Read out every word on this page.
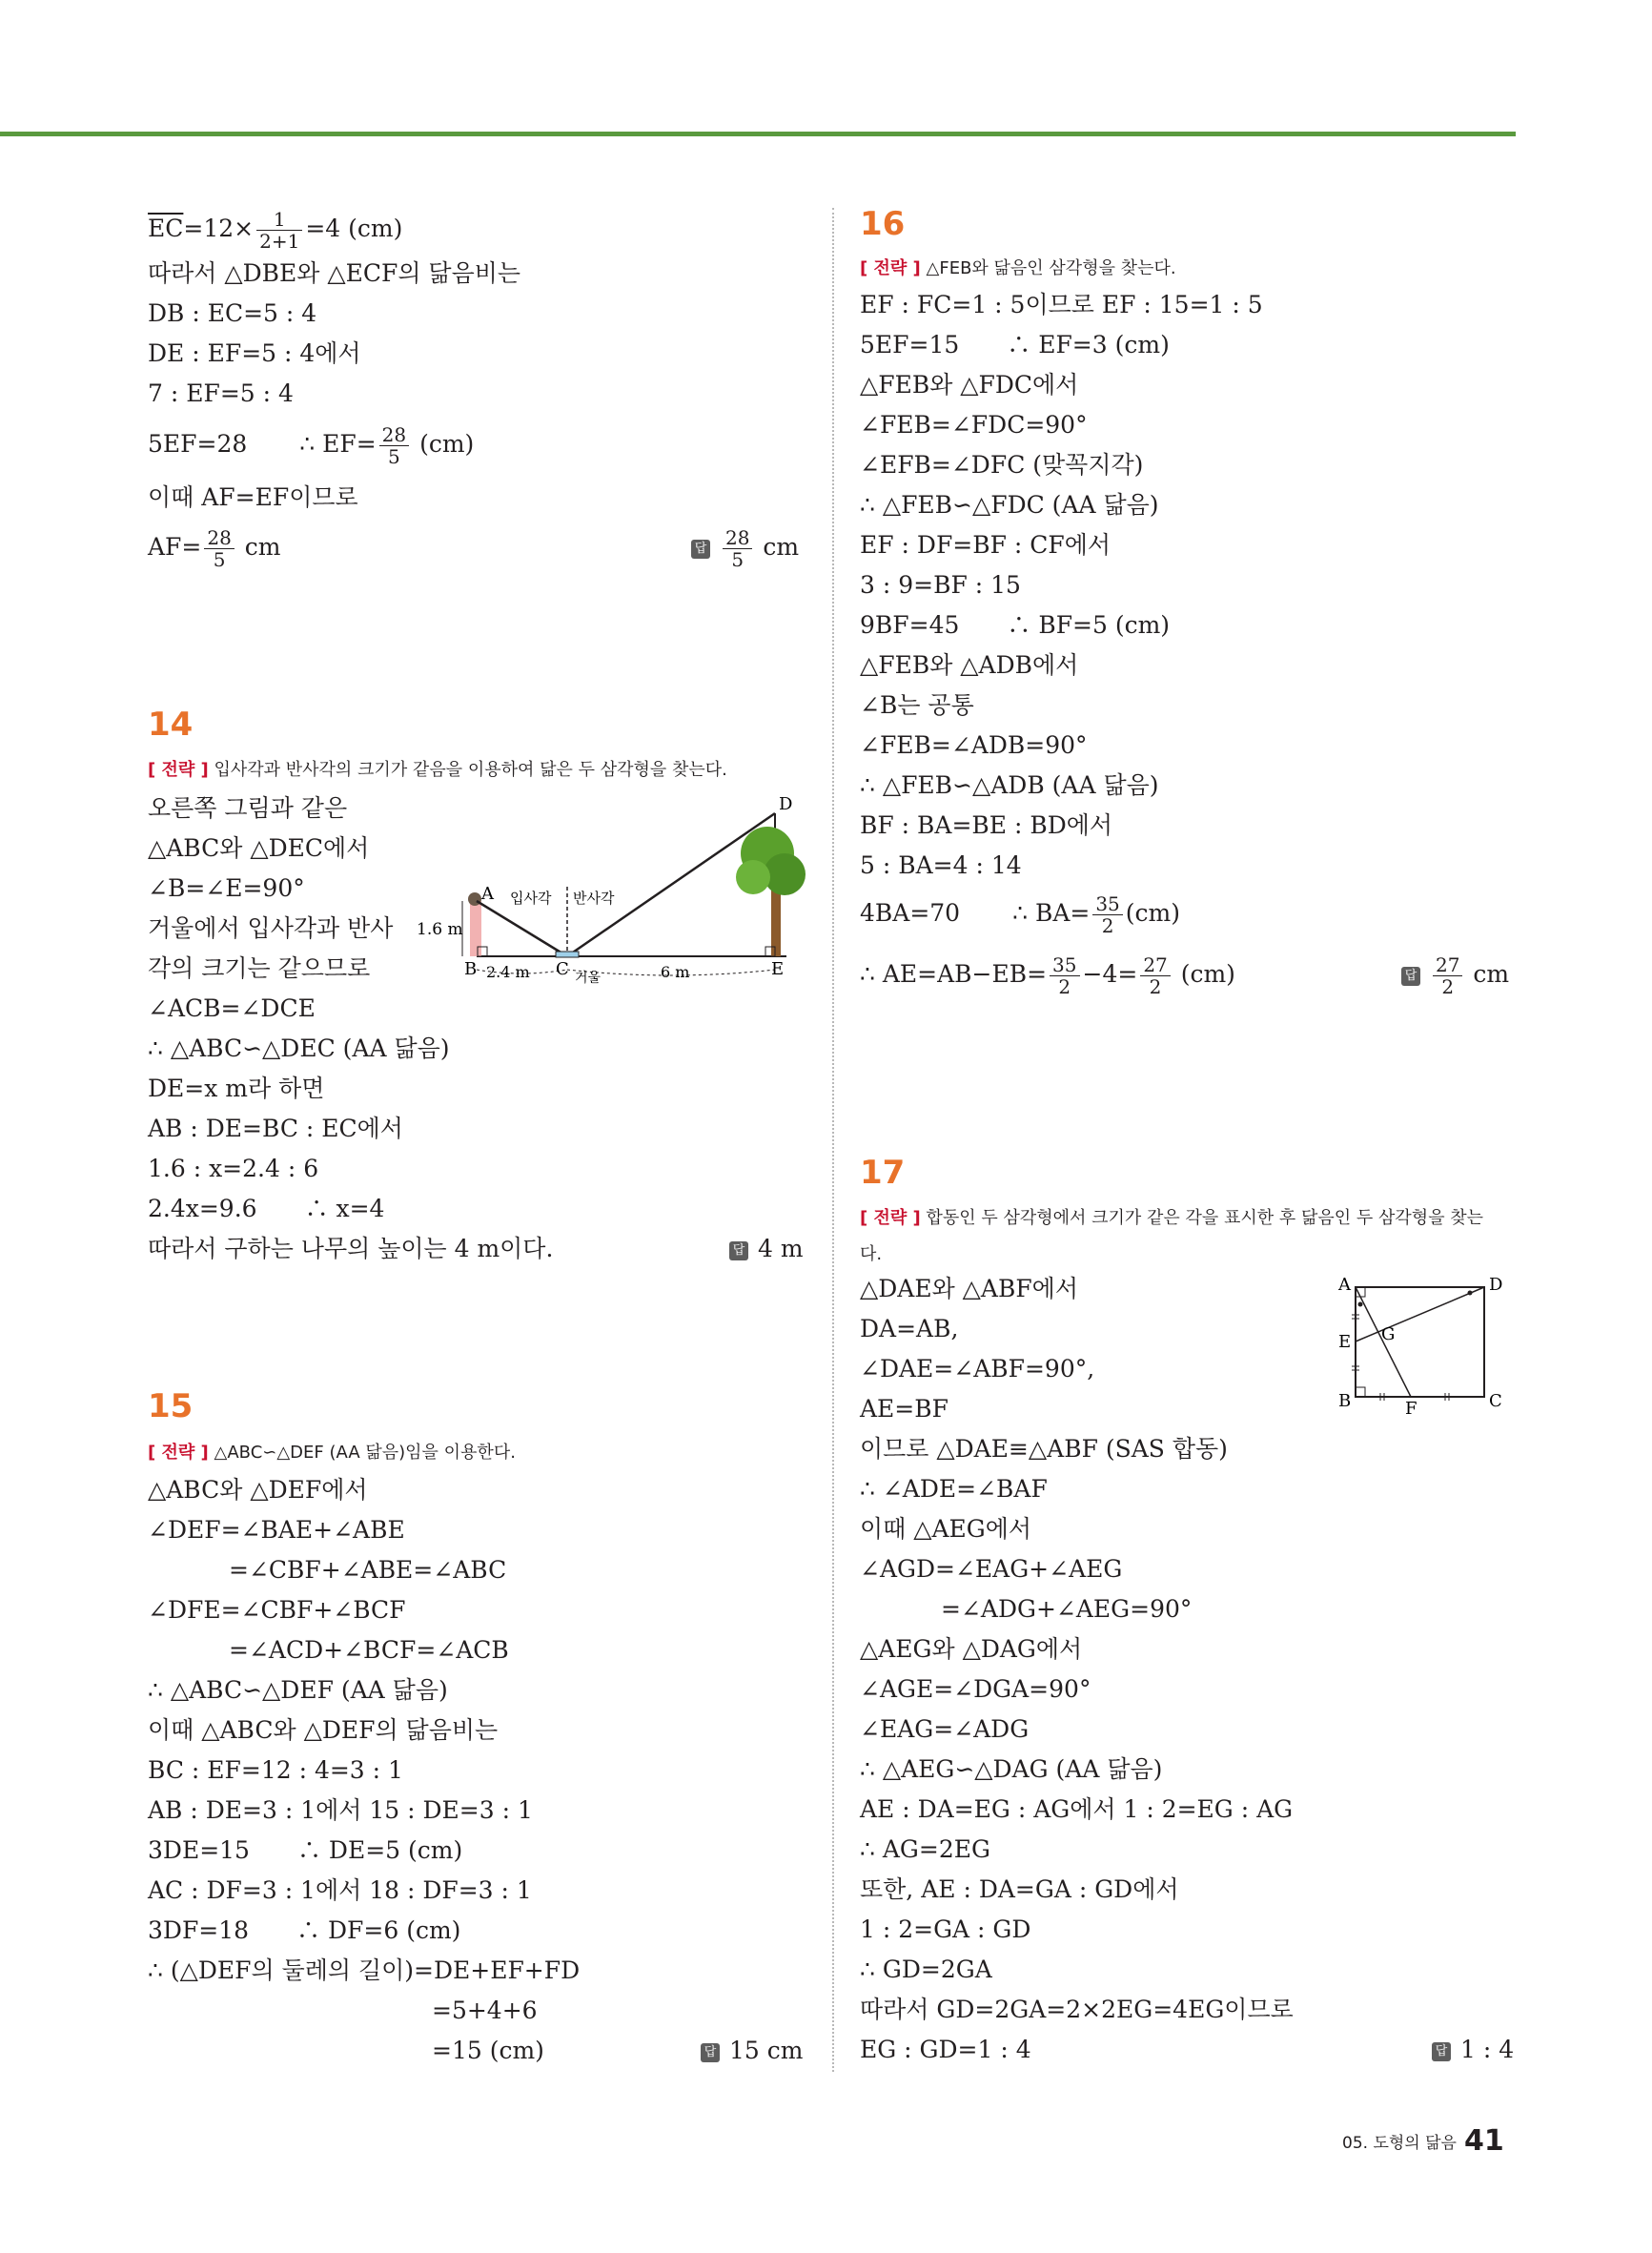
$\overline{EC}=12\times \frac{1}{2+1} =4$ (cm)
따라서 △DBE와 △ECF의 닮음비는
DB : EC=5 : 4
DE : EF=5 : 4에서
7 : EF=5 : 4
5EF=28 ∴ $EF= \frac{28}{5} (cm)$
이때 AF=EF이므로
$AF= \frac{28}{5}$ cm	답 $\frac{28}{5}$ cm
14
[ 전략 ] 입사각과 반사각의 크기가 같음을 이용하여 닮은 두 삼각형을 찾는다.
오른쪽 그림과 같은
△ABC와 △DEC에서
∠B=∠E=90°
거울에서 입사각과 반사
각의 크기는 같으므로
∠ACB=∠DCE
∴ △ABC∽△DEC (AA 닮음)
DE=x m라 하면
AB : DE=BC : EC에서
1.6 : x=2.4 : 6
2.4x=9.6　　∴ x=4
따라서 구하는 나무의 높이는 4 m이다.	답 4 m
A
B	C
D
E
1.6 m
2.4 m	6 m
거울
입사각 반사각
15
[ 전략 ] △ABC∽△DEF (AA 닮음)임을 이용한다.
△ABC와 △DEF에서
∠DEF=∠BAE+∠ABE
=∠CBF+∠ABE=∠ABC
∠DFE=∠CBF+∠BCF
=∠ACD+∠BCF=∠ACB
∴ △ABC∽△DEF (AA 닮음)
이때 △ABC와 △DEF의 닮음비는
BC : EF=12 : 4=3 : 1
AB : DE=3 : 1에서 15 : DE=3 : 1
3DE=15　　∴ DE=5 (cm)
AC : DF=3 : 1에서 18 : DF=3 : 1
3DF=18　　∴ DF=6 (cm)
∴ (△DEF의 둘레의 길이)=DE+EF+FD
=5+4+6
=15 (cm)	답 15 cm
16
[ 전략 ] △FEB와 닮음인 삼각형을 찾는다.
EF : FC=1 : 5이므로 EF : 15=1 : 5
5EF=15　　∴ EF=3 (cm)
△FEB와 △FDC에서
∠FEB=∠FDC=90°
∠EFB=∠DFC (맞꼭지각)
∴ △FEB∽△FDC (AA 닮음)
EF : DF=BF : CF에서
3 : 9=BF : 15
9BF=45　　∴ BF=5 (cm)
△FEB와 △ADB에서
∠B는 공통
∠FEB=∠ADB=90°
∴ △FEB∽△ADB (AA 닮음)
BF : BA=BE : BD에서
5 : BA=4 : 14
4BA=70 ∴ $BA= \frac{35}{2} (cm)$
∴ $AE=AB-EB= \frac{35}{2} -4= \frac{27}{2} (cm)$	답 $\frac{27}{2}$ cm
17
[ 전략 ] 합동인 두 삼각형에서 크기가 같은 각을 표시한 후 닮음인 두 삼각형을 찾는
다.
△DAE와 △ABF에서
DA=AB,
∠DAE=∠ABF=90°,
AE=BF
이므로 △DAE≡△ABF (SAS 합동)
∴ ∠ADE=∠BAF
이때 △AEG에서
∠AGD=∠EAG+∠AEG
=∠ADG+∠AEG=90°
△AEG와 △DAG에서
∠AGE=∠DGA=90°
∠EAG=∠ADG
∴ △AEG∽△DAG (AA 닮음)
AE : DA=EG : AG에서 1 : 2=EG : AG
∴ AG=2EG
또한, AE : DA=GA : GD에서
1 : 2=GA : GD
∴ GD=2GA
따라서 GD=2GA=2×2EG=4EG이므로
EG : GD=1 : 4	답 1 : 4
A	D
B	C
E
F
G
05. 도형의 닮음 41
